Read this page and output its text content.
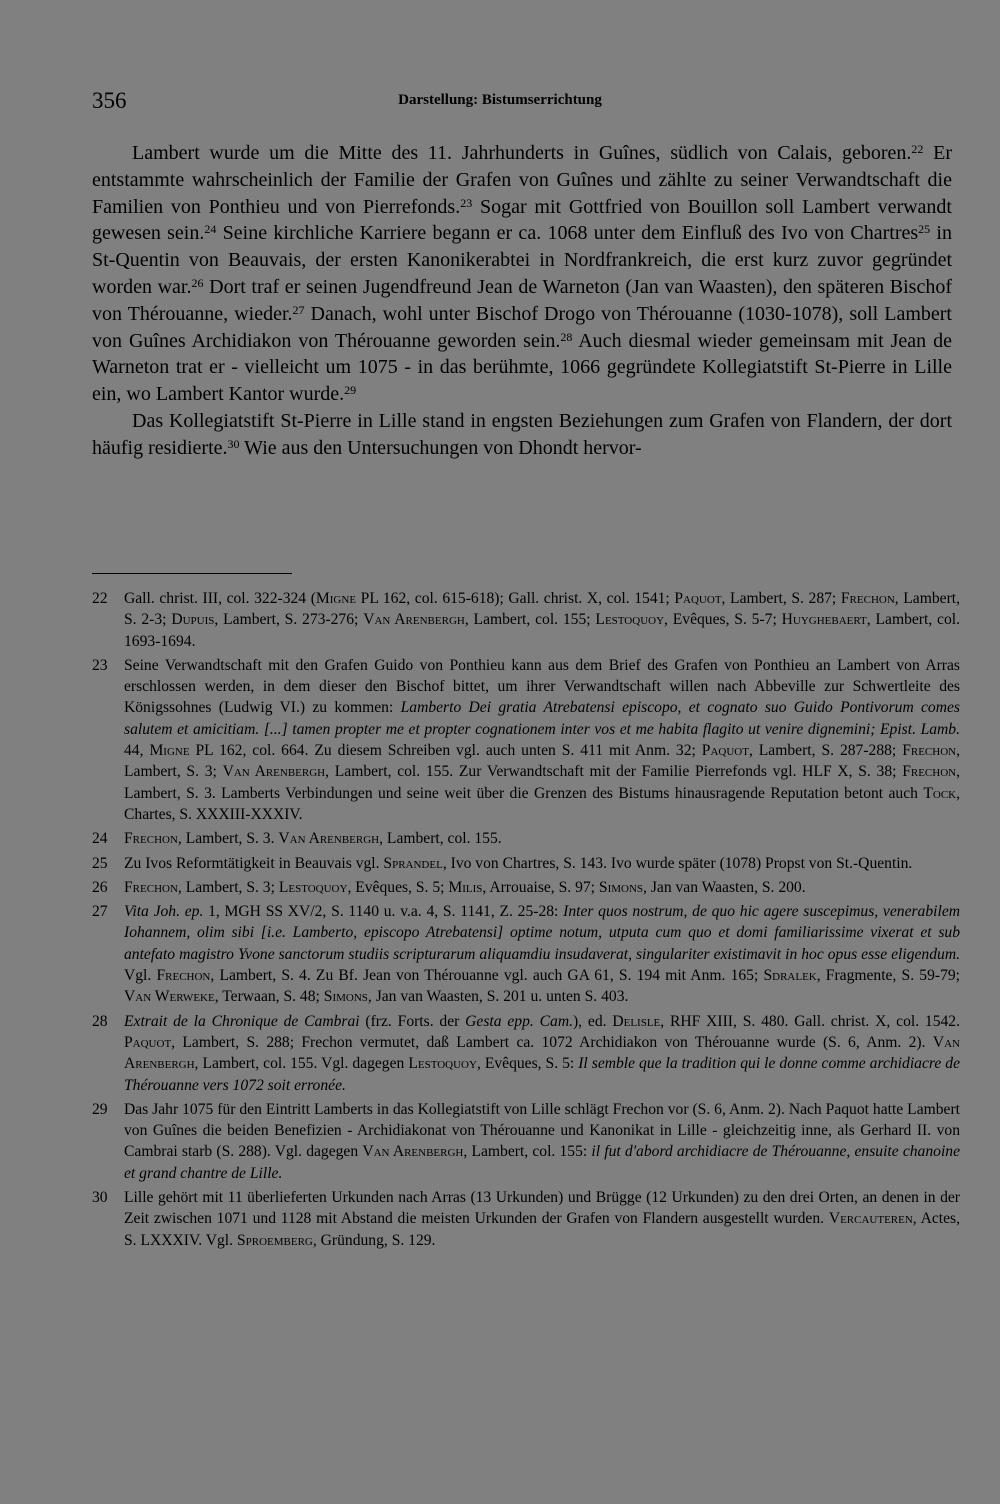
356	Darstellung: Bistumserrichtung

Lambert wurde um die Mitte des 11. Jahrhunderts in Guînes, südlich von Calais, geboren.$^{22}$ Er entstammte wahrscheinlich der Familie der Grafen von Guînes und zählte zu seiner Verwandtschaft die Familien von Ponthieu und von Pierrefonds.$^{23}$ Sogar mit Gottfried von Bouillon soll Lambert verwandt gewesen sein.$^{24}$ Seine kirchliche Karriere begann er ca. 1068 unter dem Einfluß des Ivo von Chartres$^{25}$ in St-Quentin von Beauvais, der ersten Kanonikerabtei in Nordfrankreich, die erst kurz zuvor gegründet worden war.$^{26}$ Dort traf er seinen Jugendfreund Jean de Warneton (Jan van Waasten), den späteren Bischof von Thérouanne, wieder.$^{27}$ Danach, wohl unter Bischof Drogo von Thérouanne (1030-1078), soll Lambert von Guînes Archidiakon von Thérouanne geworden sein.$^{28}$ Auch diesmal wieder gemeinsam mit Jean de Warneton trat er - vielleicht um 1075 - in das berühmte, 1066 gegründete Kollegiatstift St-Pierre in Lille ein, wo Lambert Kantor wurde.$^{29}$

Das Kollegiatstift St-Pierre in Lille stand in engsten Beziehungen zum Grafen von Flandern, der dort häufig residierte.$^{30}$ Wie aus den Untersuchungen von Dhondt hervor-

22 Gall. christ. III, col. 322-324 (Migne PL 162, col. 615-618); Gall. christ. X, col. 1541; Paquot, Lambert, S. 287; Frechon, Lambert, S. 2-3; Dupuis, Lambert, S. 273-276; Van Arenbergh, Lambert, col. 155; Lestoquoy, Evêques, S. 5-7; Huyghebaert, Lambert, col. 1693-1694.
23 Seine Verwandtschaft mit den Grafen Guido von Ponthieu kann aus dem Brief des Grafen von Ponthieu an Lambert von Arras erschlossen werden, in dem dieser den Bischof bittet, um ihrer Verwandtschaft willen nach Abbeville zur Schwertleite des Königssohnes (Ludwig VI.) zu kommen: Lamberto Dei gratia Atrebatensi episcopo, et cognato suo Guido Pontivorum comes salutem et amicitiam. [...] tamen propter me et propter cognationem inter vos et me habita flagito ut venire dignemini; Epist. Lamb. 44, Migne PL 162, col. 664. Zu diesem Schreiben vgl. auch unten S. 411 mit Anm. 32; Paquot, Lambert, S. 287-288; Frechon, Lambert, S. 3; Van Arenbergh, Lambert, col. 155. Zur Verwandtschaft mit der Familie Pierrefonds vgl. HLF X, S. 38; Frechon, Lambert, S. 3. Lamberts Verbindungen und seine weit über die Grenzen des Bistums hinausragende Reputation betont auch Tock, Chartes, S. XXXIII-XXXIV.
24 Frechon, Lambert, S. 3. Van Arenbergh, Lambert, col. 155.
25 Zu Ivos Reformtätigkeit in Beauvais vgl. Sprandel, Ivo von Chartres, S. 143. Ivo wurde später (1078) Propst von St.-Quentin.
26 Frechon, Lambert, S. 3; Lestoquoy, Evêques, S. 5; Milis, Arrouaise, S. 97; Simons, Jan van Waasten, S. 200.
27 Vita Joh. ep. 1, MGH SS XV/2, S. 1140 u. v.a. 4, S. 1141, Z. 25-28: Inter quos nostrum, de quo hic agere suscepimus, venerabilem Iohannem, olim sibi [i.e. Lamberto, episcopo Atrebatensi] optime notum, utputa cum quo et domi familiarissime vixerat et sub antefato magistro Yvone sanctorum studiis scripturarum aliquamdiu insudaverat, singulariter existimavit in hoc opus esse eligendum. Vgl. Frechon, Lambert, S. 4. Zu Bf. Jean von Thérouanne vgl. auch GA 61, S. 194 mit Anm. 165; Sdralek, Fragmente, S. 59-79; Van Werweke, Terwaan, S. 48; Simons, Jan van Waasten, S. 201 u. unten S. 403.
28 Extrait de la Chronique de Cambrai (frz. Forts. der Gesta epp. Cam.), ed. Delisle, RHF XIII, S. 480. Gall. christ. X, col. 1542. Paquot, Lambert, S. 288; Frechon vermutet, daß Lambert ca. 1072 Archidiakon von Thérouanne wurde (S. 6, Anm. 2). Van Arenbergh, Lambert, col. 155. Vgl. dagegen Lestoquoy, Evêques, S. 5: Il semble que la tradition qui le donne comme archidiacre de Thérouanne vers 1072 soit erronée.
29 Das Jahr 1075 für den Eintritt Lamberts in das Kollegiatstift von Lille schlägt Frechon vor (S. 6, Anm. 2). Nach Paquot hatte Lambert von Guînes die beiden Benefizien - Archidiakonat von Thérouanne und Kanonikat in Lille - gleichzeitig inne, als Gerhard II. von Cambrai starb (S. 288). Vgl. dagegen Van Arenbergh, Lambert, col. 155: il fut d'abord archidiacre de Thérouanne, ensuite chanoine et grand chantre de Lille.
30 Lille gehört mit 11 überlieferten Urkunden nach Arras (13 Urkunden) und Brügge (12 Urkunden) zu den drei Orten, an denen in der Zeit zwischen 1071 und 1128 mit Abstand die meisten Urkunden der Grafen von Flandern ausgestellt wurden. Vercauteren, Actes, S. LXXXIV. Vgl. Sproemberg, Gründung, S. 129.
